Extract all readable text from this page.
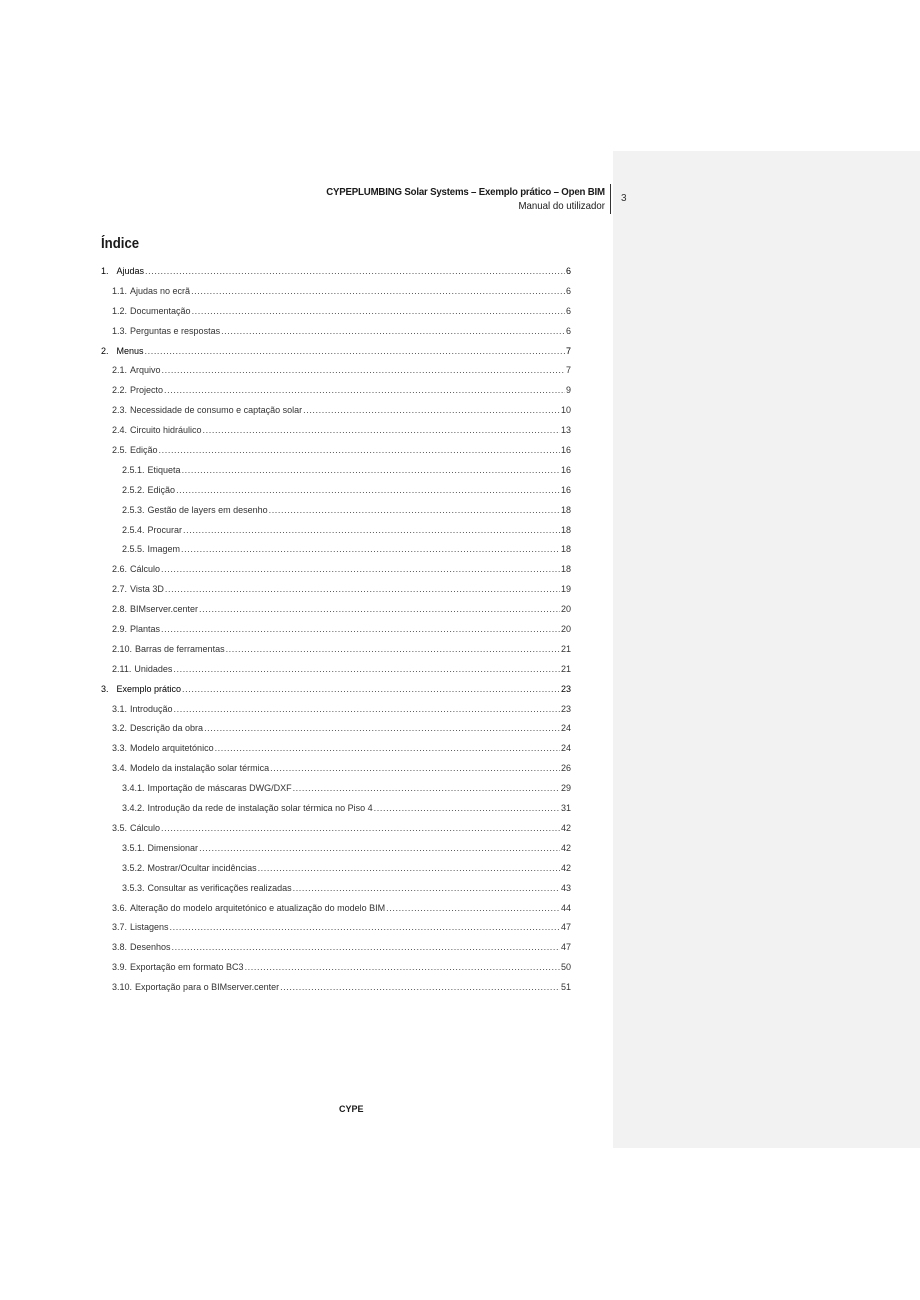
CYPEPLUMBING Solar Systems – Exemplo prático – Open BIM
Manual do utilizador
3
Índice
1. Ajudas .....	6
1.1. Ajudas no ecrã .....	6
1.2. Documentação .....	6
1.3. Perguntas e respostas .....	6
2. Menus .....	7
2.1. Arquivo .....	7
2.2. Projecto .....	9
2.3. Necessidade de consumo e captação solar .....	10
2.4. Circuito hidráulico .....	13
2.5. Edição .....	16
2.5.1. Etiqueta .....	16
2.5.2. Edição .....	16
2.5.3. Gestão de layers em desenho .....	18
2.5.4. Procurar .....	18
2.5.5. Imagem .....	18
2.6. Cálculo .....	18
2.7. Vista 3D .....	19
2.8. BIMserver.center .....	20
2.9. Plantas .....	20
2.10. Barras de ferramentas .....	21
2.11. Unidades .....	21
3. Exemplo prático .....	23
3.1. Introdução .....	23
3.2. Descrição da obra .....	24
3.3. Modelo arquitetónico .....	24
3.4. Modelo da instalação solar térmica .....	26
3.4.1. Importação de máscaras DWG/DXF .....	29
3.4.2. Introdução da rede de instalação solar térmica no Piso 4 .....	31
3.5. Cálculo .....	42
3.5.1. Dimensionar .....	42
3.5.2. Mostrar/Ocultar incidências .....	42
3.5.3. Consultar as verificações realizadas .....	43
3.6. Alteração do modelo arquitetónico e atualização do modelo BIM .....	44
3.7. Listagens .....	47
3.8. Desenhos .....	47
3.9. Exportação em formato BC3 .....	50
3.10. Exportação para o BIMserver.center .....	51
CYPE
